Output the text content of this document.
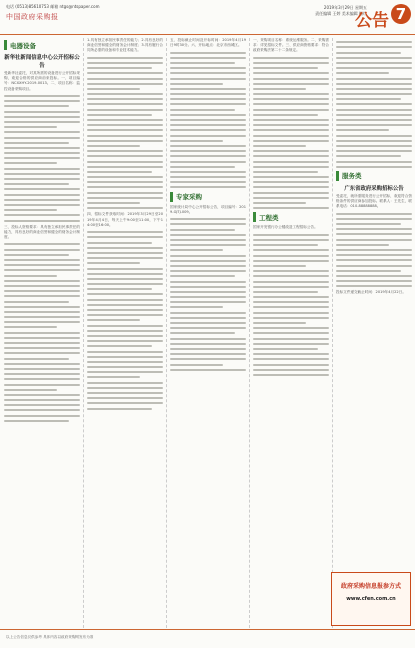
电话 (0513)85610753 邮箱 ntgs@ntspaper.com
中国政府采购报
2019年3月29日 星期五
责任编辑 王婷 美术编辑 杨红
公告 7
电器设备
新华社新闻信息中心公开招标公告

受新华社委托，对其所需的设备进行公开招标采购，欢迎合格的供应商前来投标。一、项目编号：NCXXHY-2019-0013。二、项目名称：监控设备采购项目。

三、投标人资格要求：具有独立承担民事责任的能力，具有良好的商业信誉和健全的财务会计制度。

1.具有独立承担民事责任的能力；2.具有良好的商业信誉和健全的财务会计制度；3.具有履行合同所必需的设备和专业技术能力。

四、招标文件获取时间：2019年3月29日至2019年4月4日，每天上午9:00至11:00，下午14:00至16:00。

五、投标截止时间及开标时间：2019年4月19日9时30分。六、开标地点：北京市西城区。

专家采购

国家统计局中心公开招标公告，项目编号：2019-GJTJ-009。

一、采购项目名称：系统运维服务。二、采购需求：详见招标文件。三、供应商资格要求：符合政府采购法第二十二条规定。

工程类

国家开发银行办公楼改造工程招标公告。

服务类
广东省政府采购招标公告

受委托，就所需服务进行公开招标，欢迎符合资格条件的供应商参加投标。联系人：王先生，联系电话：010-88888888。

投标文件递交截止时间：2019年4月22日。

政府采购信息报参方式
www.cfen.com.cn
以上公告信息仅供参考 具体内容以政府采购网发布为准
